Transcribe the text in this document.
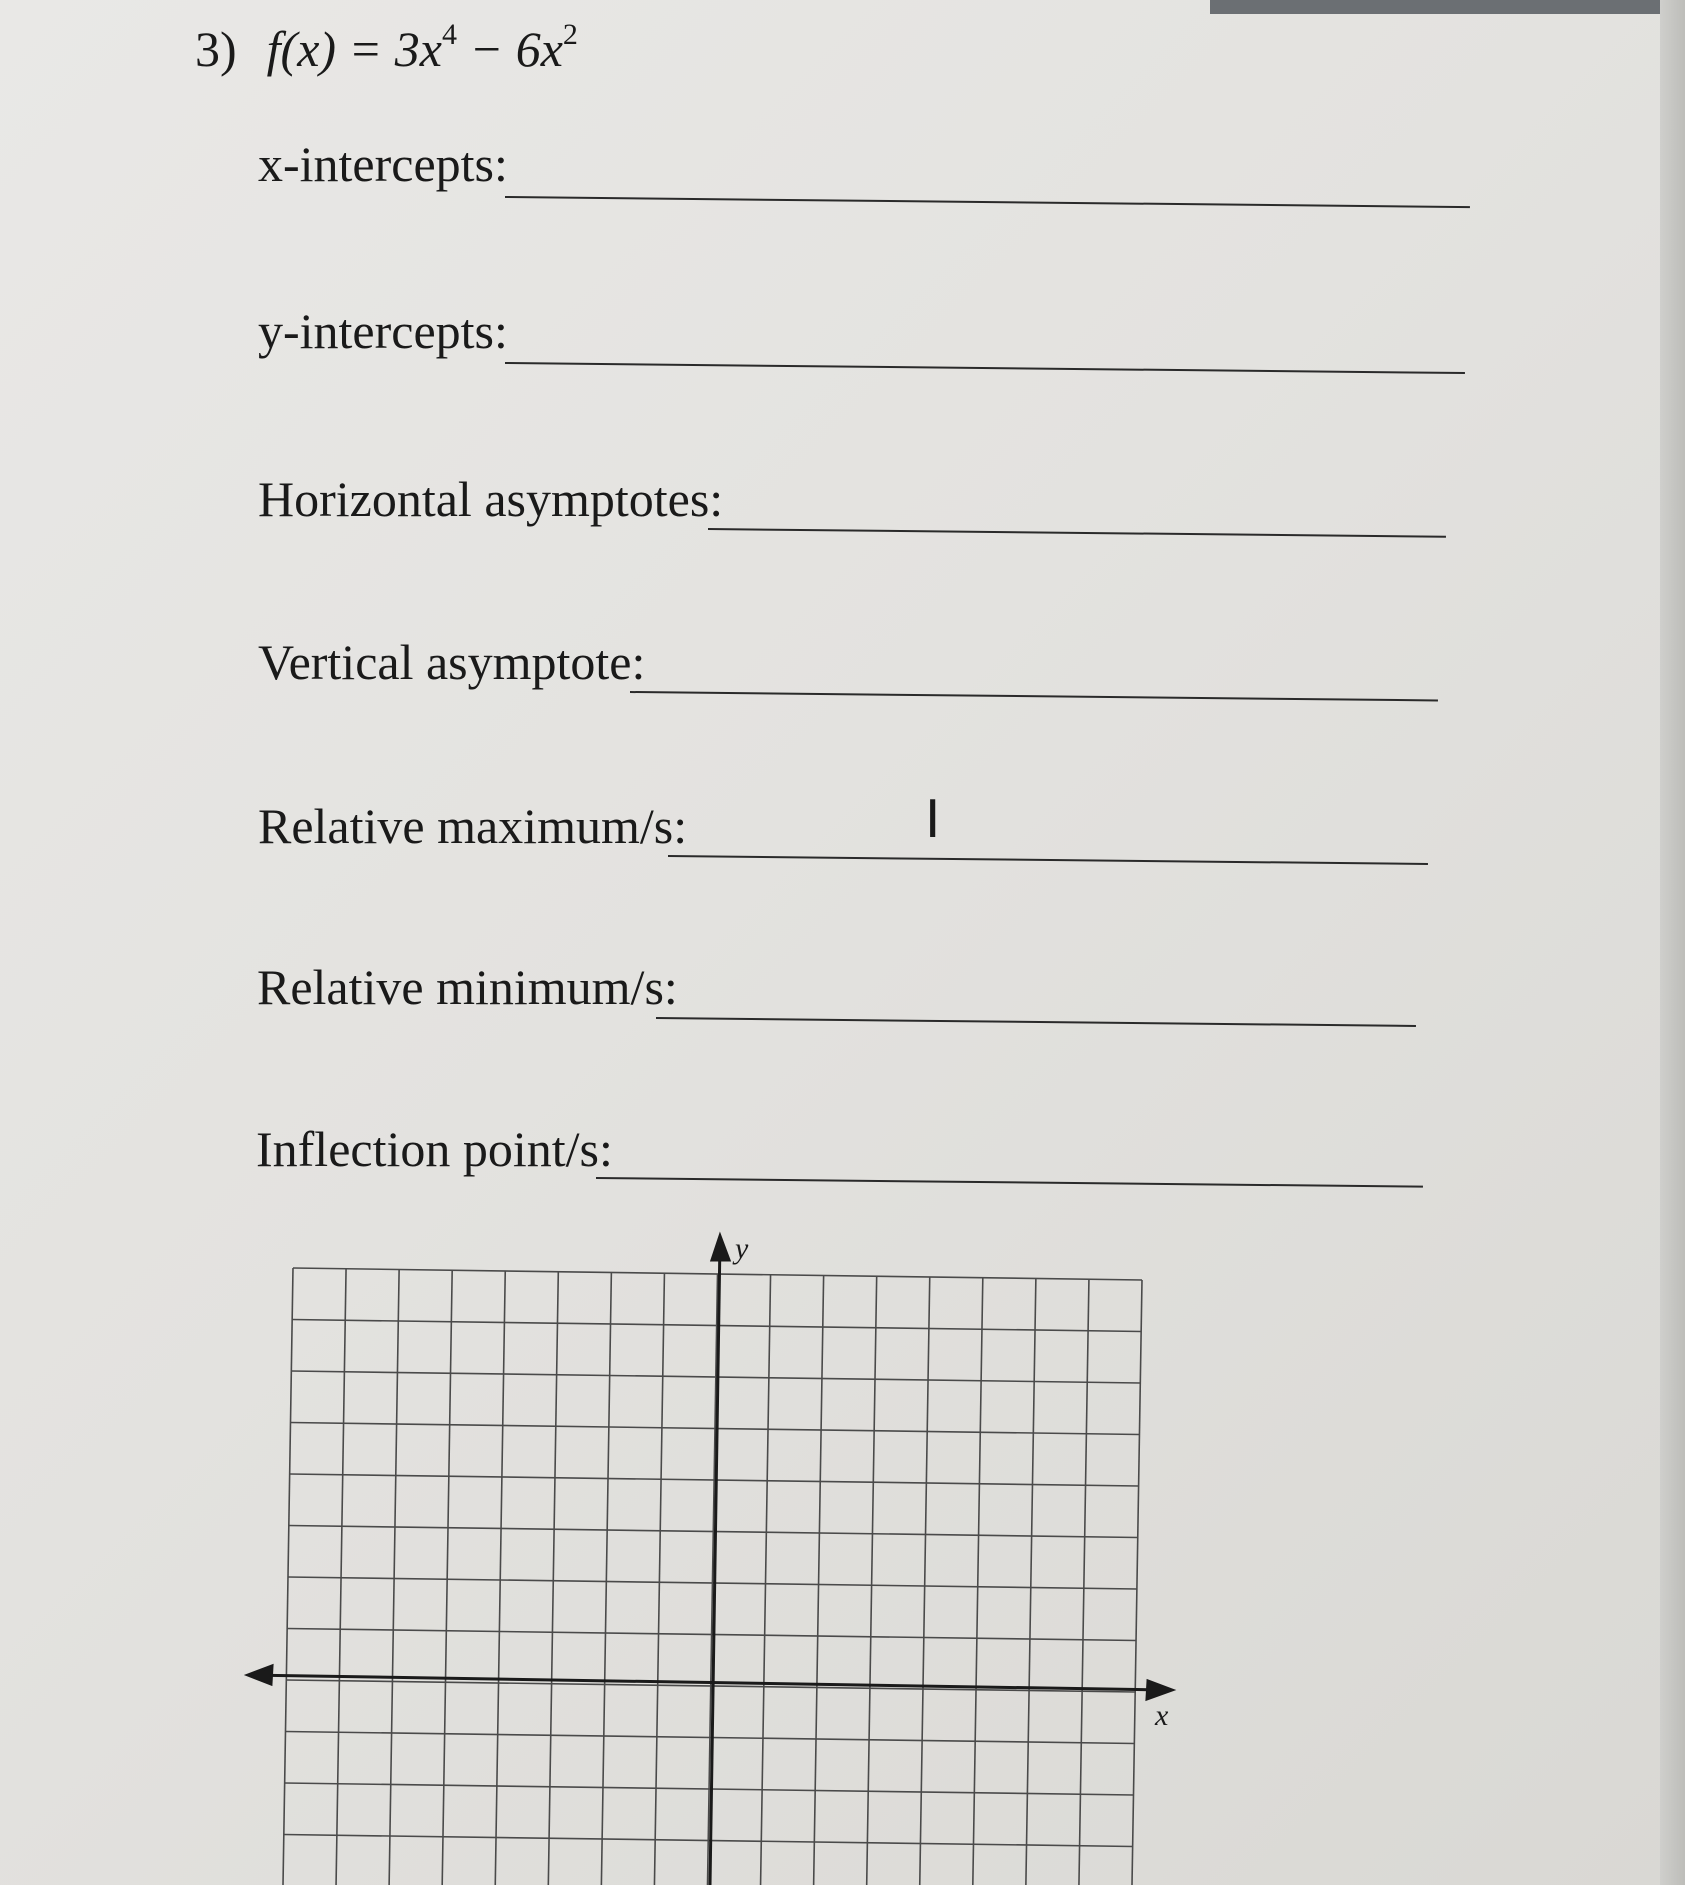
3) $f(x) = 3x^4 - 6x^2$
x-intercepts:
y-intercepts:
Horizontal asymptotes:
Vertical asymptote:
Relative maximum/s:	I
Relative minimum/s:
Inflection point/s:
y
x
